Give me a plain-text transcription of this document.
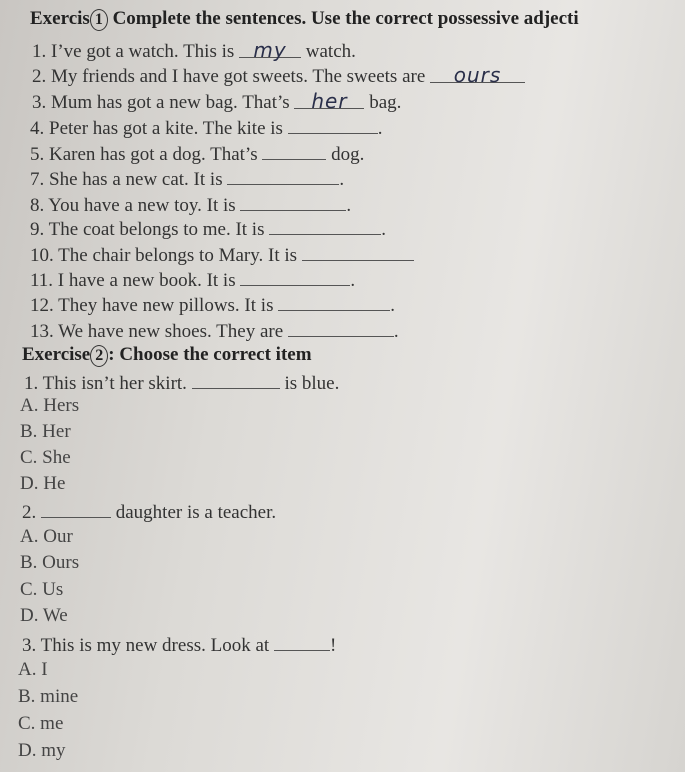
Exercis 1 Complete the sentences. Use the correct possessive adjecti
1. I’ve got a watch. This is my watch.
2. My friends and I have got sweets. The sweets are ours
3. Mum has got a new bag. That’s her bag.
4. Peter has got a kite. The kite is	.
5. Karen has got a dog. That’s	dog.
7. She has a new cat. It is	.
8. You have a new toy. It is	.
9. The coat belongs to me. It is	.
10. The chair belongs to Mary. It is
11. I have a new book. It is	.
12. They have new pillows. It is	.
13. We have new shoes. They are	.
Exercise 2 : Choose the correct item
1. This isn’t her skirt.	is blue.
A. Hers
B. Her
C. She
D. He
2.	daughter is a teacher.
A. Our
B. Ours
C. Us
D. We
3. This is my new dress. Look at	!
A. I
B. mine
C. me
D. my
